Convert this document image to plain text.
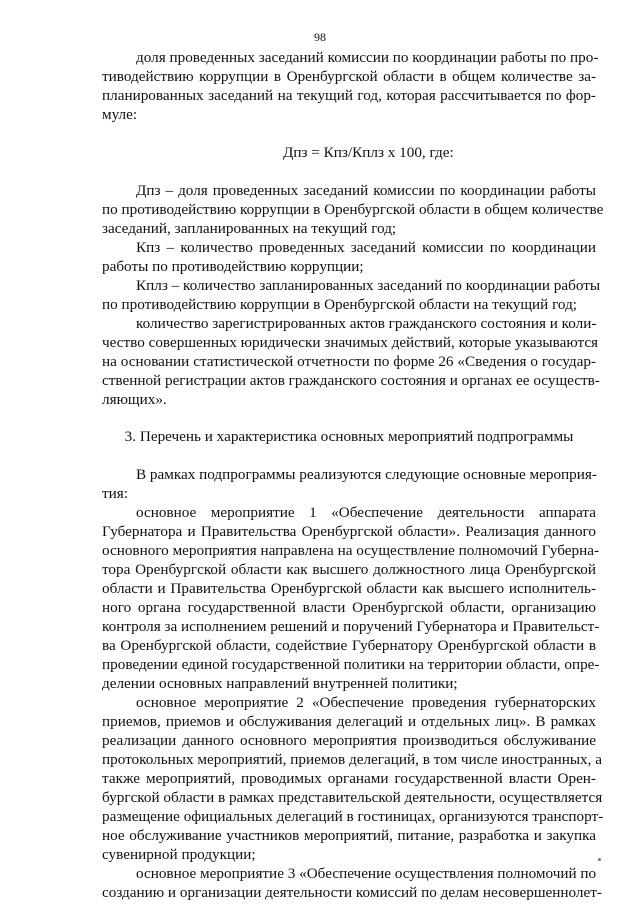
98
доля проведенных заседаний комиссии по координации работы по про-
тиводействию коррупции в Оренбургской области в общем количестве за-
планированных заседаний на текущий год, которая рассчитывается по фор-
муле:
Дпз = Кпз/Кплз х 100, где:
Дпз – доля проведенных заседаний комиссии по координации работы
по противодействию коррупции в Оренбургской области в общем количестве
заседаний, запланированных на текущий год;
Кпз – количество проведенных заседаний комиссии по координации
работы по противодействию коррупции;
Кплз – количество запланированных заседаний по координации работы
по противодействию коррупции в Оренбургской области на текущий год;
количество зарегистрированных актов гражданского состояния и коли-
чество совершенных юридически значимых действий, которые указываются
на основании статистической отчетности по форме 26 «Сведения о государ-
ственной регистрации актов гражданского состояния и органах ее осуществ-
ляющих».
3. Перечень и характеристика основных мероприятий подпрограммы
В рамках подпрограммы реализуются следующие основные мероприя-
тия:
основное мероприятие 1 «Обеспечение деятельности аппарата
Губернатора и Правительства Оренбургской области». Реализация данного
основного мероприятия направлена на осуществление полномочий Губерна-
тора Оренбургской области как высшего должностного лица Оренбургской
области и Правительства Оренбургской области как высшего исполнитель-
ного органа государственной власти Оренбургской области, организацию
контроля за исполнением решений и поручений Губернатора и Правительст-
ва Оренбургской области, содействие Губернатору Оренбургской области в
проведении единой государственной политики на территории области, опре-
делении основных направлений внутренней политики;
основное мероприятие 2 «Обеспечение проведения губернаторских
приемов, приемов и обслуживания делегаций и отдельных лиц». В рамках
реализации данного основного мероприятия производиться обслуживание
протокольных мероприятий, приемов делегаций, в том числе иностранных, а
также мероприятий, проводимых органами государственной власти Орен-
бургской области в рамках представительской деятельности, осуществляется
размещение официальных делегаций в гостиницах, организуются транспорт-
ное обслуживание участников мероприятий, питание, разработка и закупка
сувенирной продукции;
основное мероприятие 3 «Обеспечение осуществления полномочий по
созданию и организации деятельности комиссий по делам несовершеннолет-
